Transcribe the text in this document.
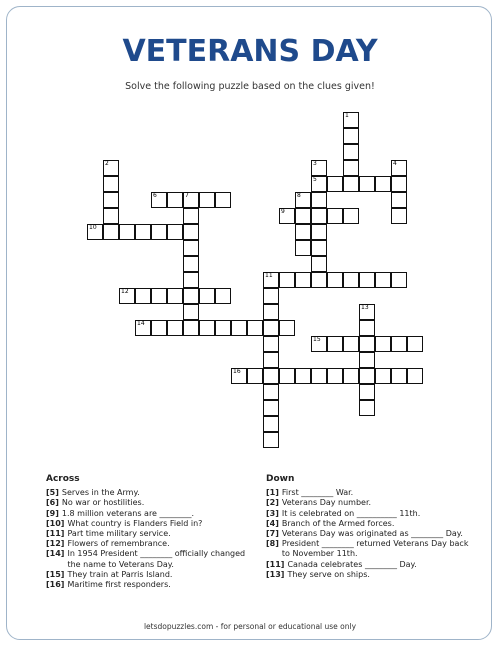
VETERANS DAY
Solve the following puzzle based on the clues given!
1
2	3
5
4
6	7	8
9
10
11
12
13
14
15
16
Across
[5] Serves in the Army.
[6] No war or hostilities.
[9] 1.8 million veterans are ________.
[10] What country is Flanders Field in?
[11] Part time military service.
[12] Flowers of remembrance.
[14] In 1954 President ________ officially changed the name to Veterans Day.
[15] They train at Parris Island.
[16] Maritime first responders.
Down
[1] First ________ War.
[2] Veterans Day number.
[3] It is celebrated on __________ 11th.
[4] Branch of the Armed forces.
[7] Veterans Day was originated as ________ Day.
[8] President ________ returned Veterans Day back to November 11th.
[11] Canada celebrates ________ Day.
[13] They serve on ships.
letsdopuzzles.com - for personal or educational use only
